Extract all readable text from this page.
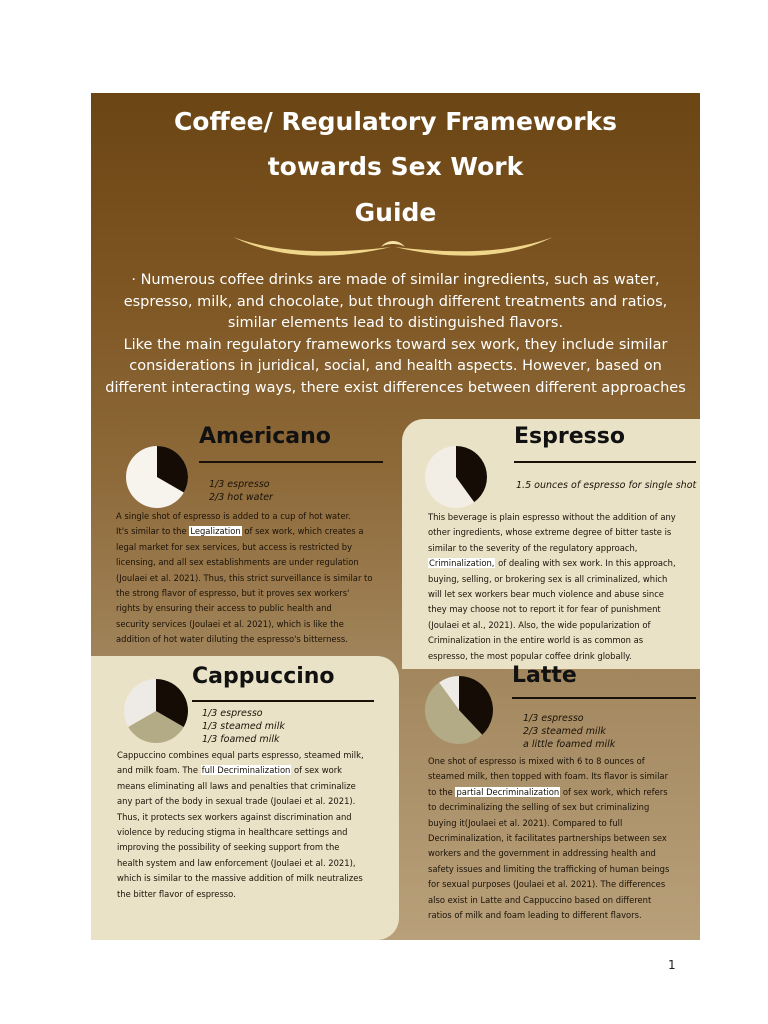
Coffee/ Regulatory Frameworks
towards Sex Work
Guide
· Numerous coffee drinks are made of similar ingredients, such as water,
espresso, milk, and chocolate, but through different treatments and ratios,
similar elements lead to distinguished flavors.
Like the main regulatory frameworks toward sex work, they include similar
considerations in juridical, social, and health aspects. However, based on
different interacting ways, there exist differences between different approaches
Americano
1/3 espresso
2/3 hot water
A single shot of espresso is added to a cup of hot water.
It's similar to the Legalization of sex work, which creates a
legal market for sex services, but access is restricted by
licensing, and all sex establishments are under regulation
(Joulaei et al. 2021). Thus, this strict surveillance is similar to
the strong flavor of espresso, but it proves sex workers'
rights by ensuring their access to public health and
security services (Joulaei et al. 2021), which is like the
addition of hot water diluting the espresso's bitterness.
Espresso
1.5 ounces of espresso for single shot
This beverage is plain espresso without the addition of any
other ingredients, whose extreme degree of bitter taste is
similar to the severity of the regulatory approach,
Criminalization, of dealing with sex work. In this approach,
buying, selling, or brokering sex is all criminalized, which
will let sex workers bear much violence and abuse since
they may choose not to report it for fear of punishment
(Joulaei et al., 2021). Also, the wide popularization of
Criminalization in the entire world is as common as
espresso, the most popular coffee drink globally.
Cappuccino
1/3 espresso
1/3 steamed milk
1/3 foamed milk
Cappuccino combines equal parts espresso, steamed milk,
and milk foam. The full Decriminalization of sex work
means eliminating all laws and penalties that criminalize
any part of the body in sexual trade (Joulaei et al. 2021).
Thus, it protects sex workers against discrimination and
violence by reducing stigma in healthcare settings and
improving the possibility of seeking support from the
health system and law enforcement (Joulaei et al. 2021),
which is similar to the massive addition of milk neutralizes
the bitter flavor of espresso.
Latte
1/3 espresso
2/3 steamed milk
a little foamed milk
One shot of espresso is mixed with 6 to 8 ounces of
steamed milk, then topped with foam. Its flavor is similar
to the partial Decriminalization of sex work, which refers
to decriminalizing the selling of sex but criminalizing
buying it(Joulaei et al. 2021). Compared to full
Decriminalization, it facilitates partnerships between sex
workers and the government in addressing health and
safety issues and limiting the trafficking of human beings
for sexual purposes (Joulaei et al. 2021). The differences
also exist in Latte and Cappuccino based on different
ratios of milk and foam leading to different flavors.
1
